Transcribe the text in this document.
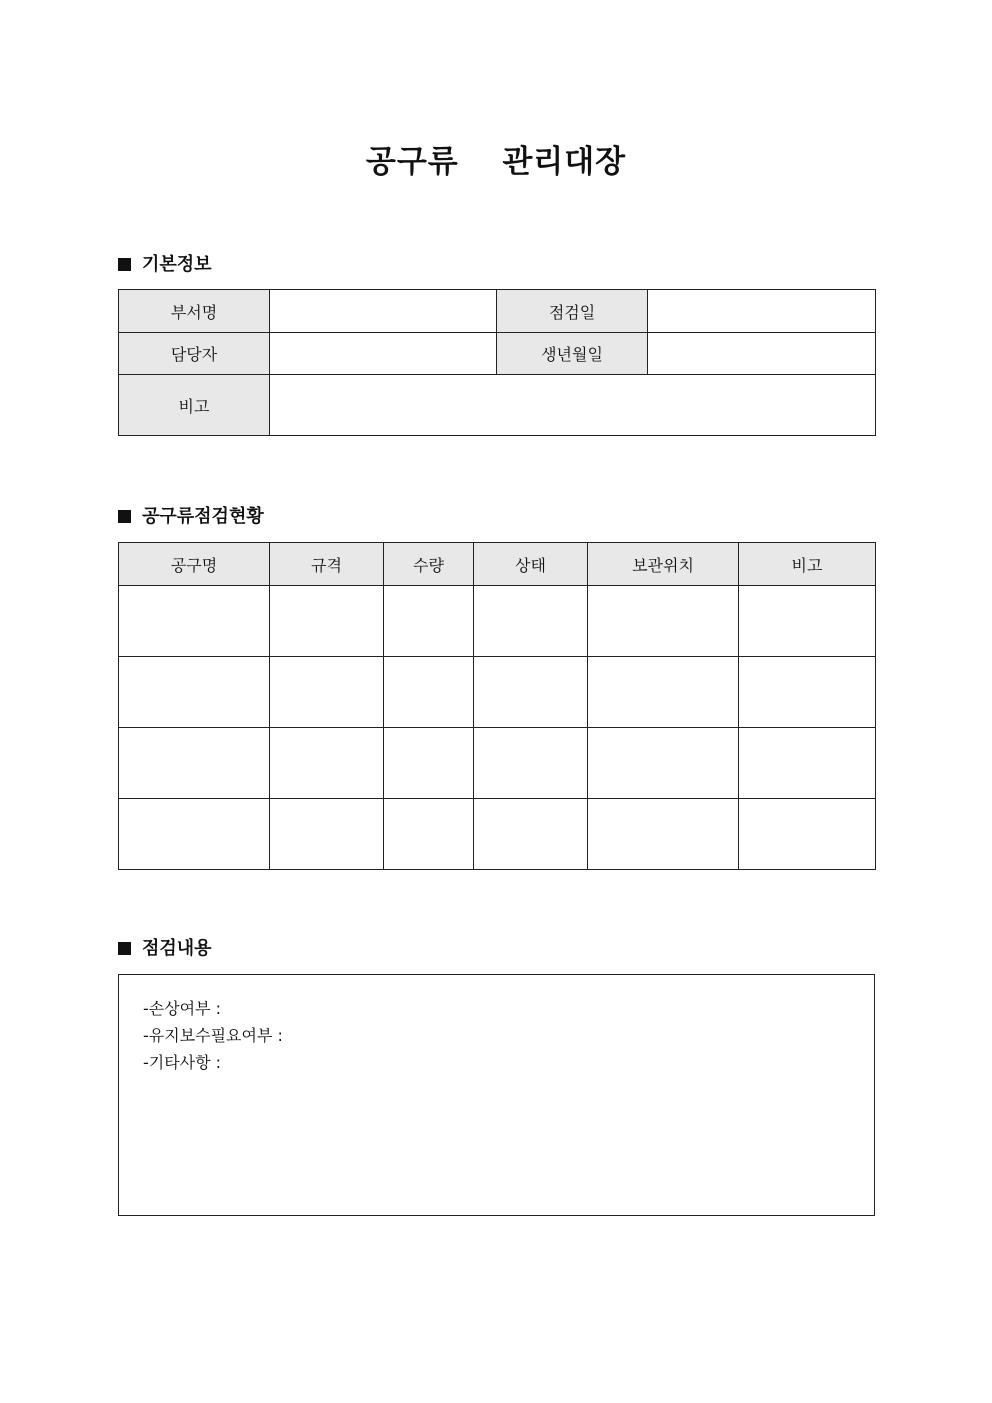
공구류  관리대장
기본정보
부서명		점검일	
담당자		생년월일	
비고			
공구류점검현황
공구명	규격	수량	상태	보관위치	비고

점검내용
-손상여부 :
-유지보수필요여부 :
-기타사항 :
